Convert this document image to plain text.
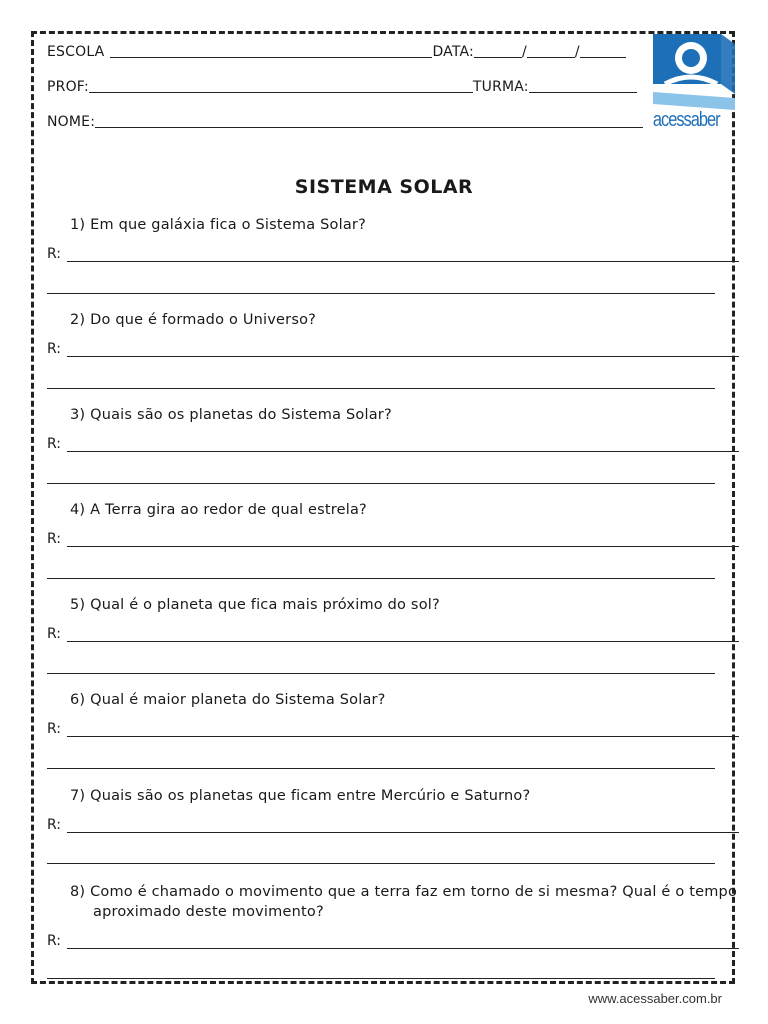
ESCOLA	DATA:	/	/
PROF:	TURMA:
NOME:	acessaber
SISTEMA SOLAR
1) Em que galáxia fica o Sistema Solar?
R:
2) Do que é formado o Universo?
R:
3) Quais são os planetas do Sistema Solar?
R:
4) A Terra gira ao redor de qual estrela?
R:
5) Qual é o planeta que fica mais próximo do sol?
R:
6) Qual é maior planeta do Sistema Solar?
R:
7) Quais são os planetas que ficam entre Mercúrio e Saturno?
R:
8) Como é chamado o movimento que a terra faz em torno de si mesma? Qual é o tempo aproximado deste movimento?
R:
www.acessaber.com.br
